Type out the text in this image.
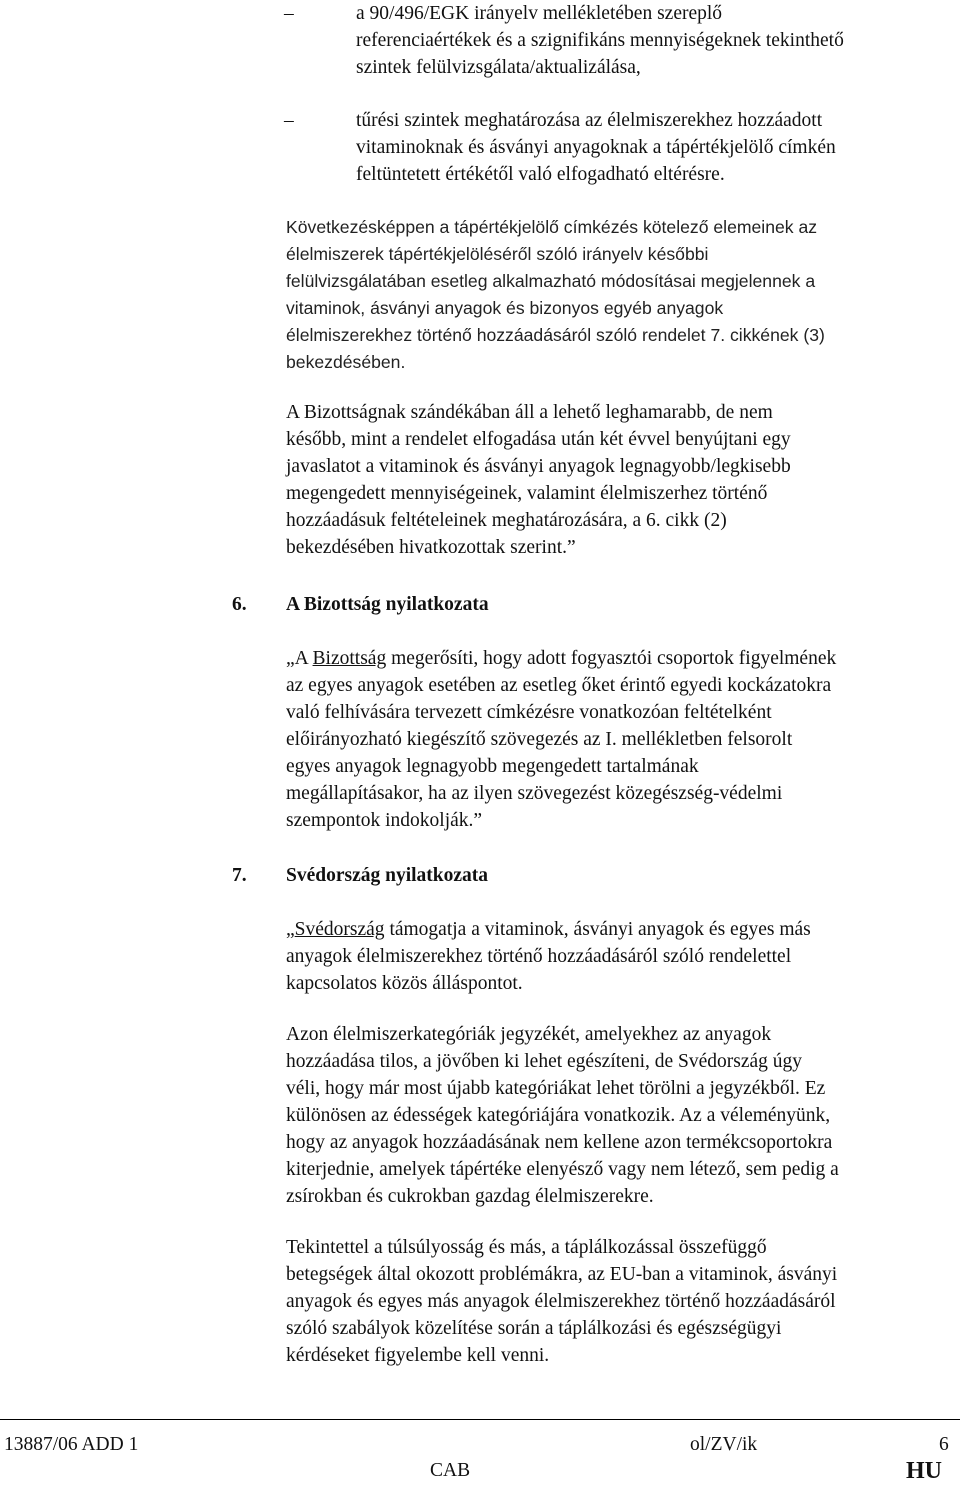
–	a 90/496/EGK irányelv mellékletében szereplő
referenciaértékek és a szignifikáns mennyiségeknek tekinthető
szintek felülvizsgálata/aktualizálása,
–	tűrési szintek meghatározása az élelmiszerekhez hozzáadott
vitaminoknak és ásványi anyagoknak a tápértékjelölő címkén
feltüntetett értékétől való elfogadható eltérésre.
Következésképpen a tápértékjelölő címkézés kötelező elemeinek az
élelmiszerek tápértékjelöléséről szóló irányelv későbbi
felülvizsgálatában esetleg alkalmazható módosításai megjelennek a
vitaminok, ásványi anyagok és bizonyos egyéb anyagok
élelmiszerekhez történő hozzáadásáról szóló rendelet 7. cikkének (3)
bekezdésében.
A Bizottságnak szándékában áll a lehető leghamarabb, de nem
később, mint a rendelet elfogadása után két évvel benyújtani egy
javaslatot a vitaminok és ásványi anyagok legnagyobb/legkisebb
megengedett mennyiségeinek, valamint élelmiszerhez történő
hozzáadásuk feltételeinek meghatározására, a 6. cikk (2)
bekezdésében hivatkozottak szerint.”
6. A Bizottság nyilatkozata
„A Bizottság megerősíti, hogy adott fogyasztói csoportok figyelmének
az egyes anyagok esetében az esetleg őket érintő egyedi kockázatokra
való felhívására tervezett címkézésre vonatkozóan feltételként
előirányozható kiegészítő szövegezés az I. mellékletben felsorolt
egyes anyagok legnagyobb megengedett tartalmának
megállapításakor, ha az ilyen szövegezést közegészség-védelmi
szempontok indokolják.”
7. Svédország nyilatkozata
„Svédország támogatja a vitaminok, ásványi anyagok és egyes más
anyagok élelmiszerekhez történő hozzáadásáról szóló rendelettel
kapcsolatos közös álláspontot.
Azon élelmiszerkategóriák jegyzékét, amelyekhez az anyagok
hozzáadása tilos, a jövőben ki lehet egészíteni, de Svédország úgy
véli, hogy már most újabb kategóriákat lehet törölni a jegyzékből. Ez
különösen az édességek kategóriájára vonatkozik. Az a véleményünk,
hogy az anyagok hozzáadásának nem kellene azon termékcsoportokra
kiterjednie, amelyek tápértéke elenyésző vagy nem létező, sem pedig a
zsírokban és cukrokban gazdag élelmiszerekre.
Tekintettel a túlsúlyosság és más, a táplálkozással összefüggő
betegségek által okozott problémákra, az EU-ban a vitaminok, ásványi
anyagok és egyes más anyagok élelmiszerekhez történő hozzáadásáról
szóló szabályok közelítése során a táplálkozási és egészségügyi
kérdéseket figyelembe kell venni.
13887/06 ADD 1	ol/ZV/ik	6
CAB	HU
